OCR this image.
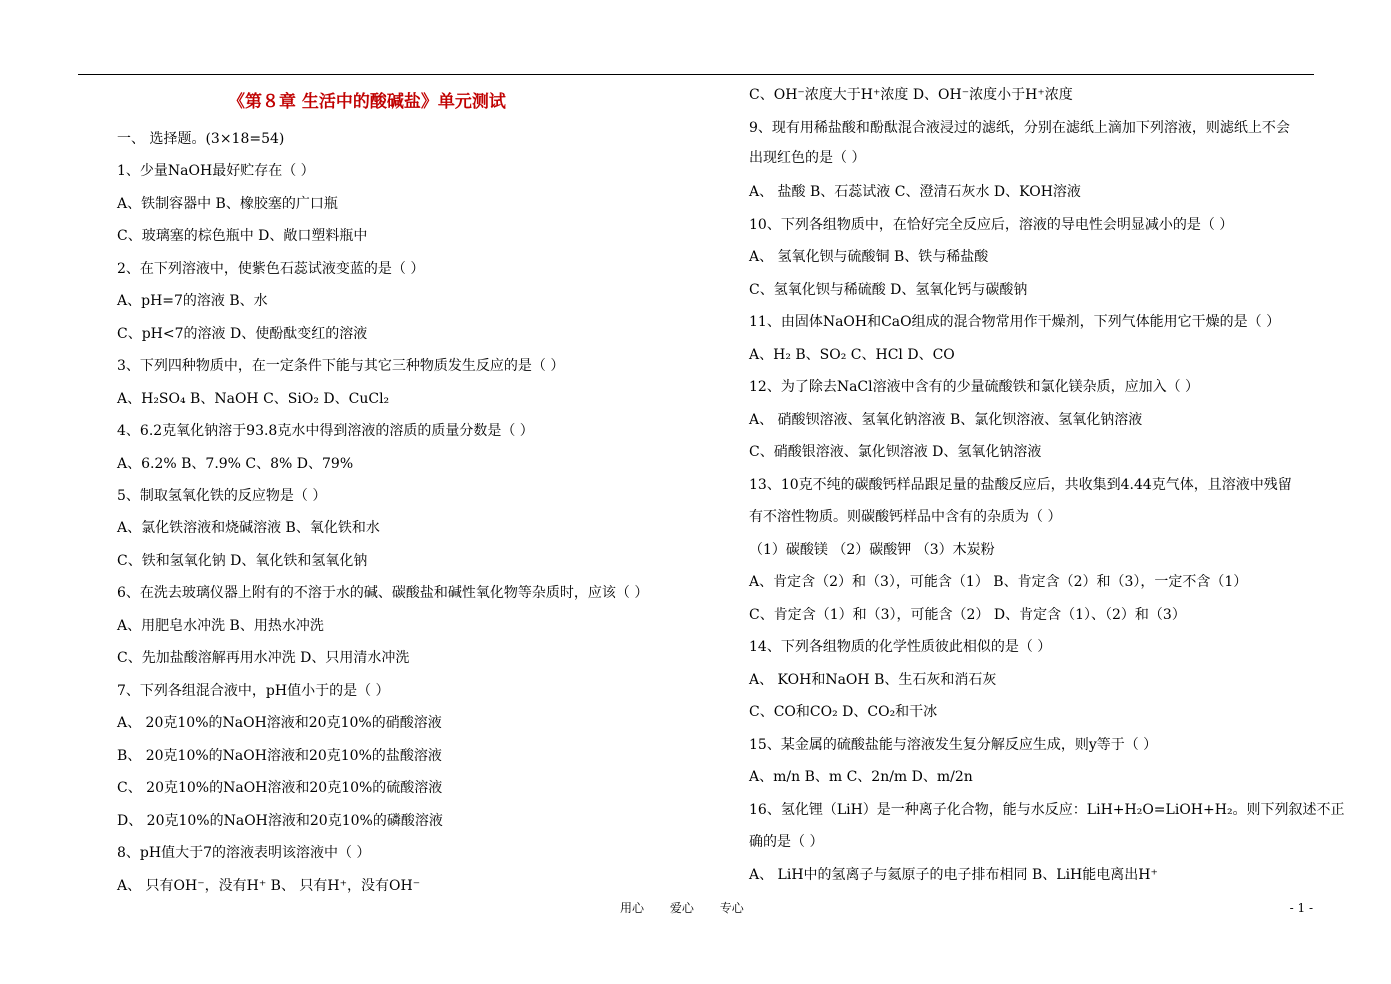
《第８章 生活中的酸碱盐》单元测试
一、 选择题。(3×18=54)
1、少量NaOH最好贮存在（ ）
A、铁制容器中 B、橡胶塞的广口瓶
C、玻璃塞的棕色瓶中 D、敞口塑料瓶中
2、在下列溶液中，使紫色石蕊试液变蓝的是（ ）
A、pH=7的溶液 B、水
C、pH<7的溶液 D、使酚酞变红的溶液
3、下列四种物质中，在一定条件下能与其它三种物质发生反应的是（ ）
A、H₂SO₄ B、NaOH C、SiO₂ D、CuCl₂
4、6.2克氧化钠溶于93.8克水中得到溶液的溶质的质量分数是（ ）
A、6.2% B、7.9% C、8% D、79%
5、制取氢氧化铁的反应物是（ ）
A、氯化铁溶液和烧碱溶液 B、氧化铁和水
C、铁和氢氧化钠 D、氧化铁和氢氧化钠
6、在洗去玻璃仪器上附有的不溶于水的碱、碳酸盐和碱性氧化物等杂质时，应该（ ）
A、用肥皂水冲洗 B、用热水冲洗
C、先加盐酸溶解再用水冲洗 D、只用清水冲洗
7、下列各组混合液中，pH值小于的是（ ）
A、 20克10%的NaOH溶液和20克10%的硝酸溶液
B、 20克10%的NaOH溶液和20克10%的盐酸溶液
C、 20克10%的NaOH溶液和20克10%的硫酸溶液
D、 20克10%的NaOH溶液和20克10%的磷酸溶液
8、pH值大于7的溶液表明该溶液中（ ）
A、 只有OH⁻，没有H⁺ B、 只有H⁺，没有OH⁻
C、OH⁻浓度大于H⁺浓度 D、OH⁻浓度小于H⁺浓度
9、现有用稀盐酸和酚酞混合液浸过的滤纸，分别在滤纸上滴加下列溶液，则滤纸上不会
出现红色的是（ ）
A、 盐酸 B、石蕊试液 C、澄清石灰水 D、KOH溶液
10、下列各组物质中，在恰好完全反应后，溶液的导电性会明显减小的是（ ）
A、 氢氧化钡与硫酸铜 B、铁与稀盐酸
C、氢氧化钡与稀硫酸 D、氢氧化钙与碳酸钠
11、由固体NaOH和CaO组成的混合物常用作干燥剂，下列气体能用它干燥的是（ ）
A、H₂ B、SO₂ C、HCl D、CO
12、为了除去NaCl溶液中含有的少量硫酸铁和氯化镁杂质，应加入（ ）
A、 硝酸钡溶液、氢氧化钠溶液 B、氯化钡溶液、氢氧化钠溶液
C、硝酸银溶液、氯化钡溶液 D、氢氧化钠溶液
13、10克不纯的碳酸钙样品跟足量的盐酸反应后，共收集到4.44克气体，且溶液中残留
有不溶性物质。则碳酸钙样品中含有的杂质为（ ）
（1）碳酸镁 （2）碳酸钾 （3）木炭粉
A、肯定含（2）和（3），可能含（1） B、肯定含（2）和（3），一定不含（1）
C、肯定含（1）和（3），可能含（2） D、肯定含（1）、（2）和（3）
14、下列各组物质的化学性质彼此相似的是（ ）
A、 KOH和NaOH B、生石灰和消石灰
C、CO和CO₂ D、CO₂和干冰
15、某金属的硫酸盐能与溶液发生复分解反应生成，则y等于（ ）
A、m/n B、m C、2n/m D、m/2n
16、氢化锂（LiH）是一种离子化合物，能与水反应：LiH+H₂O=LiOH+H₂。则下列叙述不正
确的是（ ）
A、 LiH中的氢离子与氦原子的电子排布相同 B、LiH能电离出H⁺
用心 爱心 专心	- 1 -
